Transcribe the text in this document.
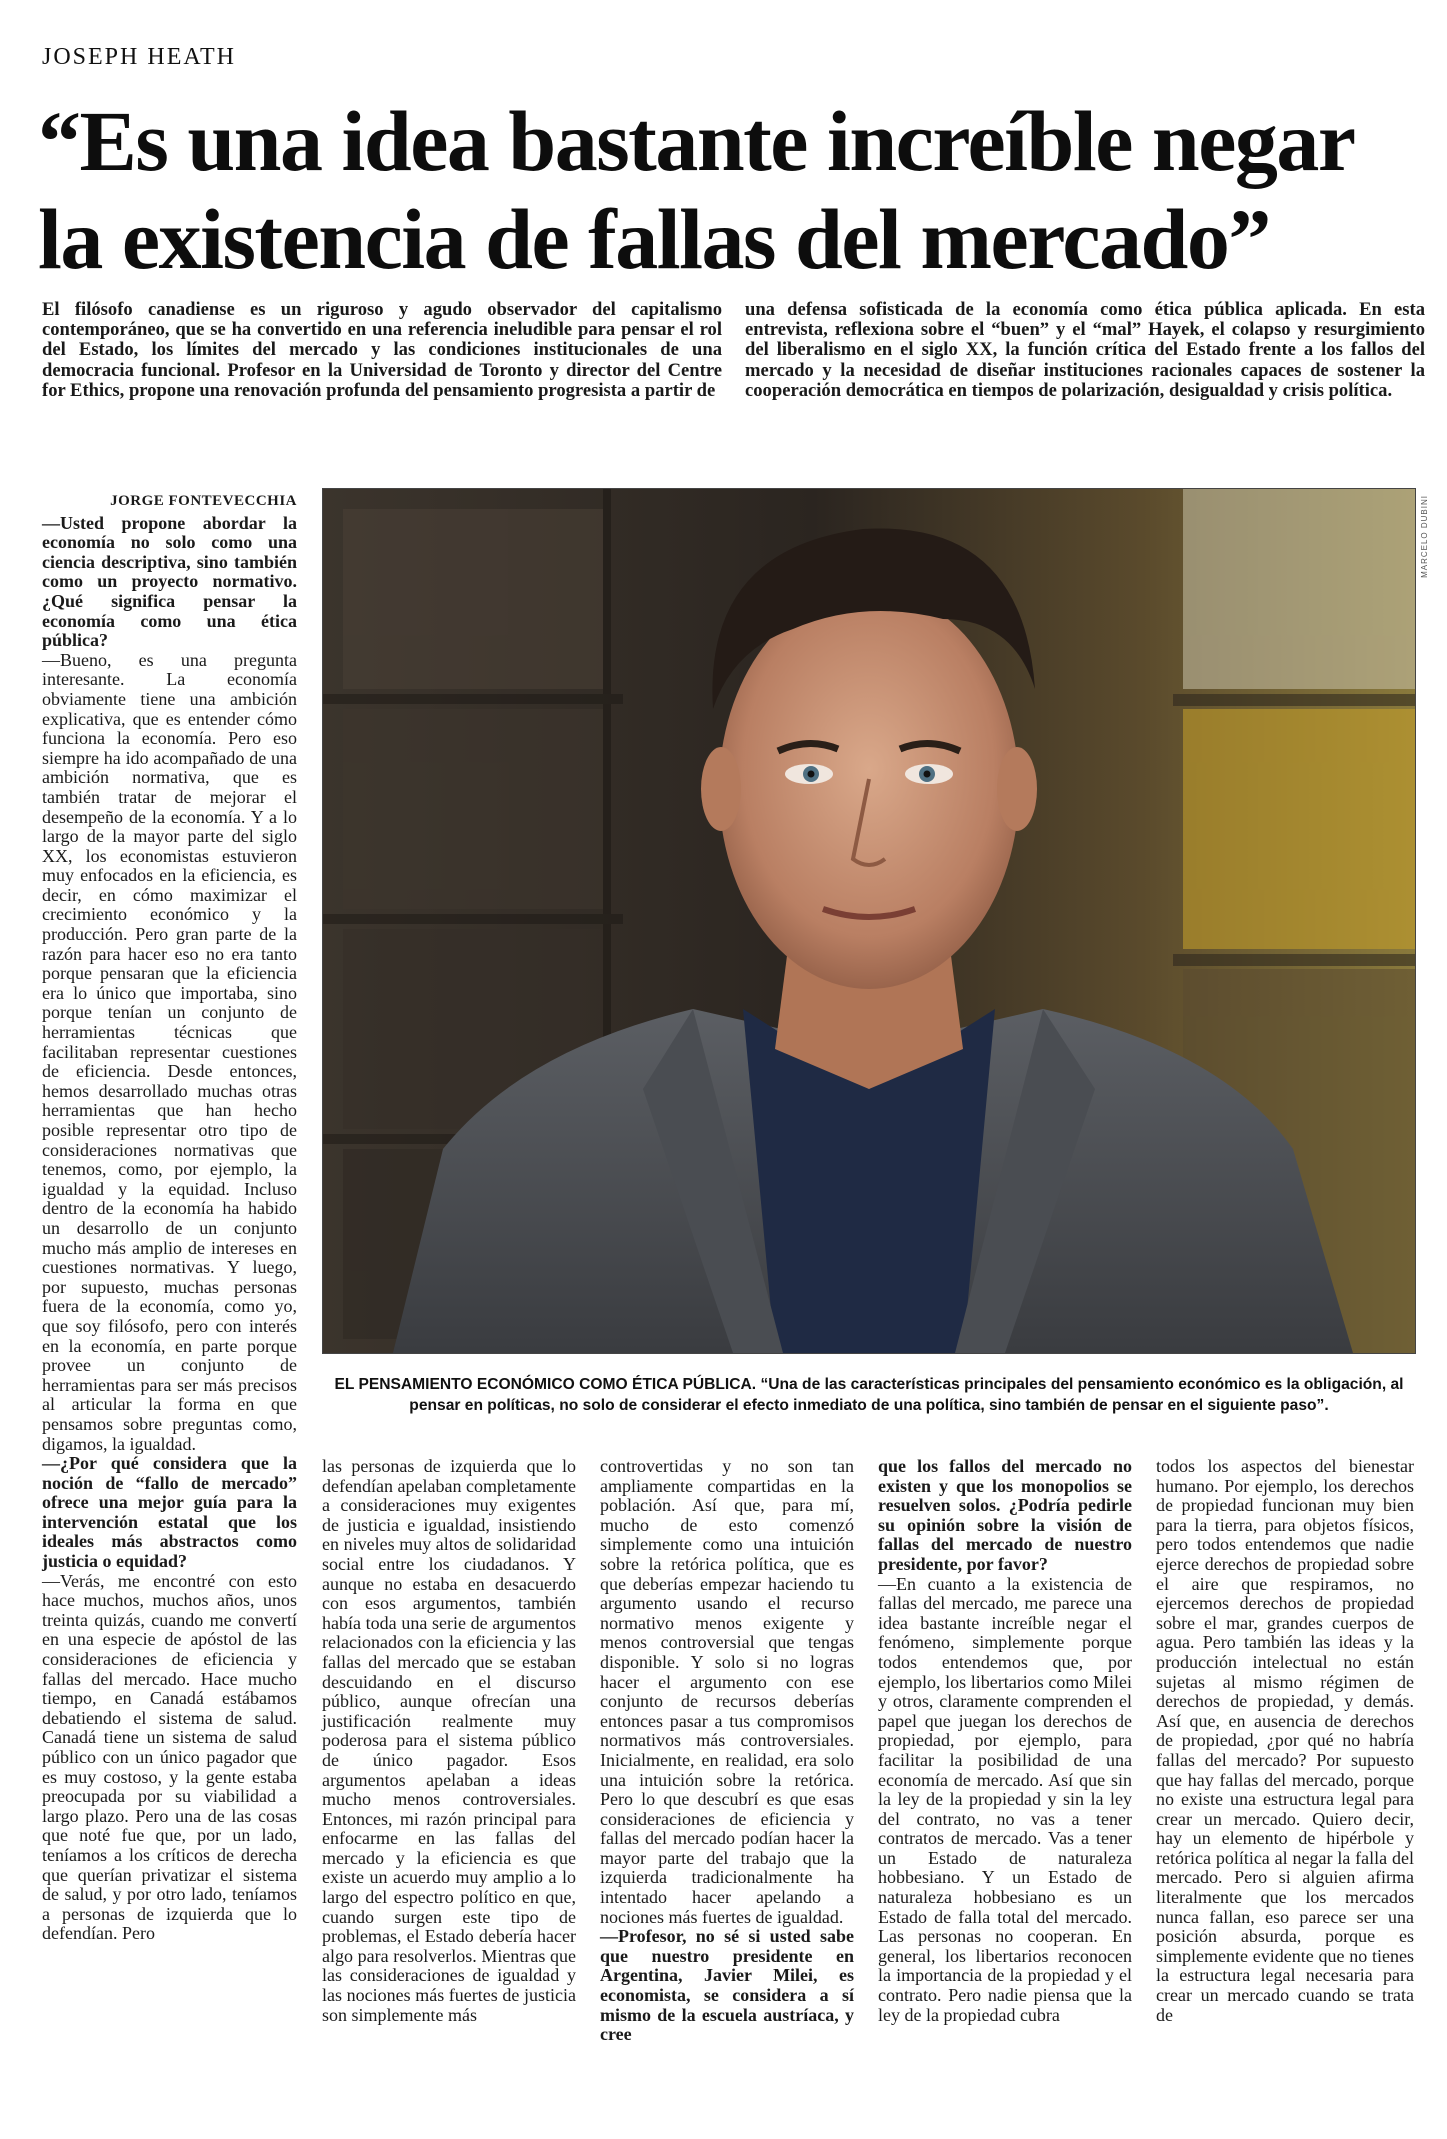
JOSEPH HEATH
“Es una idea bastante increíble negar la existencia de fallas del mercado”

El filósofo canadiense es un riguroso y agudo observador del capitalismo contemporáneo, que se ha convertido en una referencia ineludible para pensar el rol del Estado, los límites del mercado y las condiciones institucionales de una democracia funcional. Profesor en la Universidad de Toronto y director del Centre for Ethics, propone una renovación profunda del pensamiento progresista a partir de

una defensa sofisticada de la economía como ética pública aplicada. En esta entrevista, reflexiona sobre el “buen” y el “mal” Hayek, el colapso y resurgimiento del liberalismo en el siglo XX, la función crítica del Estado frente a los fallos del mercado y la necesidad de diseñar instituciones racionales capaces de sostener la cooperación democrática en tiempos de polarización, desigualdad y crisis política.

MARCELO DUBINI

EL PENSAMIENTO ECONÓMICO COMO ÉTICA PÚBLICA. “Una de las características principales del pensamiento económico es la obligación, al pensar en políticas, no solo de considerar el efecto inmediato de una política, sino también de pensar en el siguiente paso”.

JORGE FONTEVECCHIA

—Usted propone abordar la economía no solo como una ciencia descriptiva, sino también como un proyecto normativo. ¿Qué significa pensar la economía como una ética pública?

—Bueno, es una pregunta interesante. La economía obviamente tiene una ambición explicativa, que es entender cómo funciona la economía. Pero eso siempre ha ido acompañado de una ambición normativa, que es también tratar de mejorar el desempeño de la economía. Y a lo largo de la mayor parte del siglo XX, los economistas estuvieron muy enfocados en la eficiencia, es decir, en cómo maximizar el crecimiento económico y la producción. Pero gran parte de la razón para hacer eso no era tanto porque pensaran que la eficiencia era lo único que importaba, sino porque tenían un conjunto de herramientas técnicas que facilitaban representar cuestiones de eficiencia. Desde entonces, hemos desarrollado muchas otras herramientas que han hecho posible representar otro tipo de consideraciones normativas que tenemos, como, por ejemplo, la igualdad y la equidad. Incluso dentro de la economía ha habido un desarrollo de un conjunto mucho más amplio de intereses en cuestiones normativas. Y luego, por supuesto, muchas personas fuera de la economía, como yo, que soy filósofo, pero con interés en la economía, en parte porque provee un conjunto de herramientas para ser más precisos al articular la forma en que pensamos sobre preguntas como, digamos, la igualdad.

—¿Por qué considera que la noción de “fallo de mercado” ofrece una mejor guía para la intervención estatal que los ideales más abstractos como justicia o equidad?

—Verás, me encontré con esto hace muchos, muchos años, unos treinta quizás, cuando me convertí en una especie de apóstol de las consideraciones de eficiencia y fallas del mercado. Hace mucho tiempo, en Canadá estábamos debatiendo el sistema de salud. Canadá tiene un sistema de salud público con un único pagador que es muy costoso, y la gente estaba preocupada por su viabilidad a largo plazo. Pero una de las cosas que noté fue que, por un lado, teníamos a los críticos de derecha que querían privatizar el sistema de salud, y por otro lado, teníamos a personas de izquierda que lo defendían. Pero

las personas de izquierda que lo defendían apelaban completamente a consideraciones muy exigentes de justicia e igualdad, insistiendo en niveles muy altos de solidaridad social entre los ciudadanos. Y aunque no estaba en desacuerdo con esos argumentos, también había toda una serie de argumentos relacionados con la eficiencia y las fallas del mercado que se estaban descuidando en el discurso público, aunque ofrecían una justificación realmente muy poderosa para el sistema público de único pagador. Esos argumentos apelaban a ideas mucho menos controversiales. Entonces, mi razón principal para enfocarme en las fallas del mercado y la eficiencia es que existe un acuerdo muy amplio a lo largo del espectro político en que, cuando surgen este tipo de problemas, el Estado debería hacer algo para resolverlos. Mientras que las consideraciones de igualdad y las nociones más fuertes de justicia son simplemente más

controvertidas y no son tan ampliamente compartidas en la población. Así que, para mí, mucho de esto comenzó simplemente como una intuición sobre la retórica política, que es que deberías empezar haciendo tu argumento usando el recurso normativo menos exigente y menos controversial que tengas disponible. Y solo si no logras hacer el argumento con ese conjunto de recursos deberías entonces pasar a tus compromisos normativos más controversiales. Inicialmente, en realidad, era solo una intuición sobre la retórica. Pero lo que descubrí es que esas consideraciones de eficiencia y fallas del mercado podían hacer la mayor parte del trabajo que la izquierda tradicionalmente ha intentado hacer apelando a nociones más fuertes de igualdad.

—Profesor, no sé si usted sabe que nuestro presidente en Argentina, Javier Milei, es economista, se considera a sí mismo de la escuela austríaca, y cree

que los fallos del mercado no existen y que los monopolios se resuelven solos. ¿Podría pedirle su opinión sobre la visión de fallas del mercado de nuestro presidente, por favor?

—En cuanto a la existencia de fallas del mercado, me parece una idea bastante increíble negar el fenómeno, simplemente porque todos entendemos que, por ejemplo, los libertarios como Milei y otros, claramente comprenden el papel que juegan los derechos de propiedad, por ejemplo, para facilitar la posibilidad de una economía de mercado. Así que sin la ley de la propiedad y sin la ley del contrato, no vas a tener contratos de mercado. Vas a tener un Estado de naturaleza hobbesiano. Y un Estado de naturaleza hobbesiano es un Estado de falla total del mercado. Las personas no cooperan. En general, los libertarios reconocen la importancia de la propiedad y el contrato. Pero nadie piensa que la ley de la propiedad cubra

todos los aspectos del bienestar humano. Por ejemplo, los derechos de propiedad funcionan muy bien para la tierra, para objetos físicos, pero todos entendemos que nadie ejerce derechos de propiedad sobre el aire que respiramos, no ejercemos derechos de propiedad sobre el mar, grandes cuerpos de agua. Pero también las ideas y la producción intelectual no están sujetas al mismo régimen de derechos de propiedad, y demás. Así que, en ausencia de derechos de propiedad, ¿por qué no habría fallas del mercado? Por supuesto que hay fallas del mercado, porque no existe una estructura legal para crear un mercado. Quiero decir, hay un elemento de hipérbole y retórica política al negar la falla del mercado. Pero si alguien afirma literalmente que los mercados nunca fallan, eso parece ser una posición absurda, porque es simplemente evidente que no tienes la estructura legal necesaria para crear un mercado cuando se trata de
